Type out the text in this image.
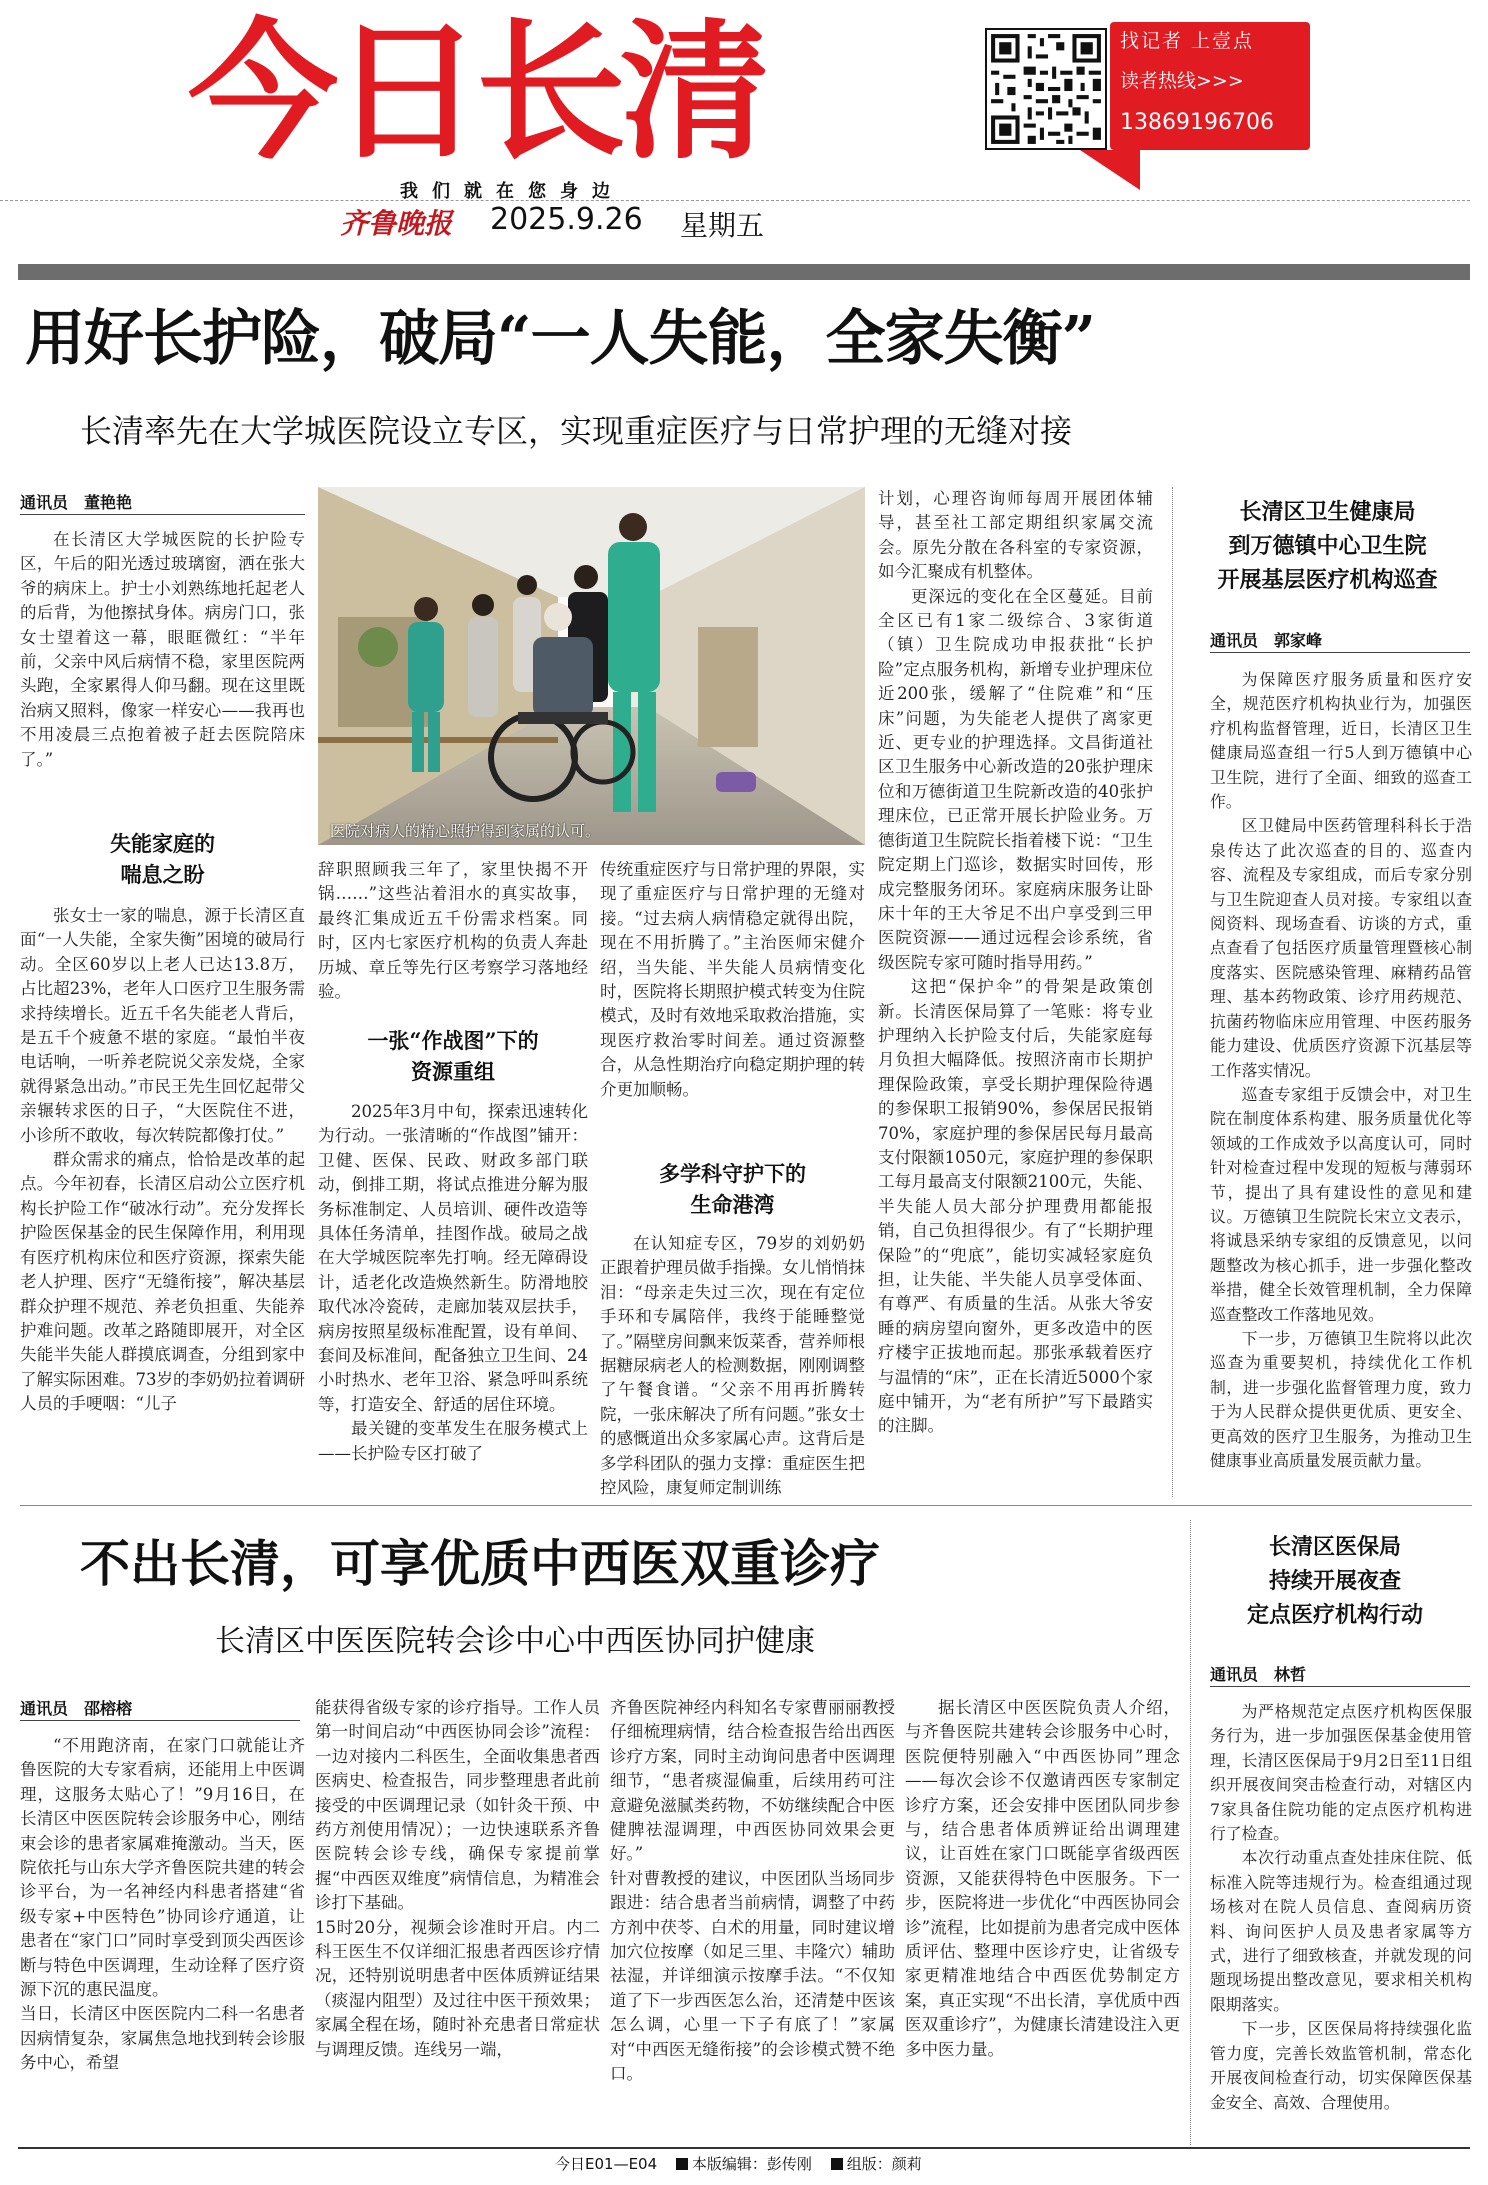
今日长清
我们就在您身边
齐鲁晚报 2025.9.26 星期五
找记者 上壹点
读者热线>>>
13869196706
用好长护险，破局“一人失能，全家失衡”
长清率先在大学城医院设立专区，实现重症医疗与日常护理的无缝对接
通讯员 董艳艳

在长清区大学城医院的长护险专区，午后的阳光透过玻璃窗，洒在张大爷的病床上。护士小刘熟练地托起老人的后背，为他擦拭身体。病房门口，张女士望着这一幕，眼眶微红：“半年前，父亲中风后病情不稳，家里医院两头跑，全家累得人仰马翻。现在这里既治病又照料，像家一样安心——我再也不用凌晨三点抱着被子赶去医院陪床了。”

失能家庭的
喘息之盼

张女士一家的喘息，源于长清区直面“一人失能，全家失衡”困境的破局行动。全区60岁以上老人已达13.8万，占比超23%，老年人口医疗卫生服务需求持续增长。近五千名失能老人背后，是五千个疲惫不堪的家庭。“最怕半夜电话响，一听养老院说父亲发烧，全家就得紧急出动。”市民王先生回忆起带父亲辗转求医的日子，“大医院住不进，小诊所不敢收，每次转院都像打仗。”

群众需求的痛点，恰恰是改革的起点。今年初春，长清区启动公立医疗机构长护险工作“破冰行动”。充分发挥长护险医保基金的民生保障作用，利用现有医疗机构床位和医疗资源，探索失能老人护理、医疗“无缝衔接”，解决基层群众护理不规范、养老负担重、失能养护难问题。改革之路随即展开，对全区失能半失能人群摸底调查，分组到家中了解实际困难。73岁的李奶奶拉着调研人员的手哽咽：“儿子

医院对病人的精心照护得到家属的认可。

辞职照顾我三年了，家里快揭不开锅……”这些沾着泪水的真实故事，最终汇集成近五千份需求档案。同时，区内七家医疗机构的负责人奔赴历城、章丘等先行区考察学习落地经验。

一张“作战图”下的
资源重组

2025年3月中旬，探索迅速转化为行动。一张清晰的“作战图”铺开：卫健、医保、民政、财政多部门联动，倒排工期，将试点推进分解为服务标准制定、人员培训、硬件改造等具体任务清单，挂图作战。破局之战在大学城医院率先打响。经无障碍设计，适老化改造焕然新生。防滑地胶取代冰冷瓷砖，走廊加装双层扶手，病房按照星级标准配置，设有单间、套间及标准间，配备独立卫生间、24小时热水、老年卫浴、紧急呼叫系统等，打造安全、舒适的居住环境。

最关键的变革发生在服务模式上——长护险专区打破了

传统重症医疗与日常护理的界限，实现了重症医疗与日常护理的无缝对接。“过去病人病情稳定就得出院，现在不用折腾了。”主治医师宋健介绍，当失能、半失能人员病情变化时，医院将长期照护模式转变为住院模式，及时有效地采取救治措施，实现医疗救治零时间差。通过资源整合，从急性期治疗向稳定期护理的转介更加顺畅。

多学科守护下的
生命港湾

在认知症专区，79岁的刘奶奶正跟着护理员做手指操。女儿悄悄抹泪：“母亲走失过三次，现在有定位手环和专属陪伴，我终于能睡整觉了。”隔壁房间飘来饭菜香，营养师根据糖尿病老人的检测数据，刚刚调整了午餐食谱。“父亲不用再折腾转院，一张床解决了所有问题。”张女士的感慨道出众多家属心声。这背后是多学科团队的强力支撑：重症医生把控风险，康复师定制训练

计划，心理咨询师每周开展团体辅导，甚至社工部定期组织家属交流会。原先分散在各科室的专家资源，如今汇聚成有机整体。

更深远的变化在全区蔓延。目前全区已有1家二级综合、3家街道（镇）卫生院成功申报获批“长护险”定点服务机构，新增专业护理床位近200张，缓解了“住院难”和“压床”问题，为失能老人提供了离家更近、更专业的护理选择。文昌街道社区卫生服务中心新改造的20张护理床位和万德街道卫生院新改造的40张护理床位，已正常开展长护险业务。万德街道卫生院院长指着楼下说：“卫生院定期上门巡诊，数据实时回传，形成完整服务闭环。家庭病床服务让卧床十年的王大爷足不出户享受到三甲医院资源——通过远程会诊系统，省级医院专家可随时指导用药。”

这把“保护伞”的骨架是政策创新。长清医保局算了一笔账：将专业护理纳入长护险支付后，失能家庭每月负担大幅降低。按照济南市长期护理保险政策，享受长期护理保险待遇的参保职工报销90%，参保居民报销70%，家庭护理的参保居民每月最高支付限额1050元，家庭护理的参保职工每月最高支付限额2100元，失能、半失能人员大部分护理费用都能报销，自己负担得很少。有了“长期护理保险”的“兜底”，能切实减轻家庭负担，让失能、半失能人员享受体面、有尊严、有质量的生活。从张大爷安睡的病房望向窗外，更多改造中的医疗楼宇正拔地而起。那张承载着医疗与温情的“床”，正在长清近5000个家庭中铺开，为“老有所护”写下最踏实的注脚。

长清区卫生健康局
到万德镇中心卫生院
开展基层医疗机构巡查
通讯员 郭家峰

为保障医疗服务质量和医疗安全，规范医疗机构执业行为，加强医疗机构监督管理，近日，长清区卫生健康局巡查组一行5人到万德镇中心卫生院，进行了全面、细致的巡查工作。

区卫健局中医药管理科科长于浩泉传达了此次巡查的目的、巡查内容、流程及专家组成，而后专家分别与卫生院迎查人员对接。专家组以查阅资料、现场查看、访谈的方式，重点查看了包括医疗质量管理暨核心制度落实、医院感染管理、麻精药品管理、基本药物政策、诊疗用药规范、抗菌药物临床应用管理、中医药服务能力建设、优质医疗资源下沉基层等工作落实情况。

巡查专家组于反馈会中，对卫生院在制度体系构建、服务质量优化等领域的工作成效予以高度认可，同时针对检查过程中发现的短板与薄弱环节，提出了具有建设性的意见和建议。万德镇卫生院院长宋立文表示，将诚恳采纳专家组的反馈意见，以问题整改为核心抓手，进一步强化整改举措，健全长效管理机制，全力保障巡查整改工作落地见效。

下一步，万德镇卫生院将以此次巡查为重要契机，持续优化工作机制，进一步强化监督管理力度，致力于为人民群众提供更优质、更安全、更高效的医疗卫生服务，为推动卫生健康事业高质量发展贡献力量。

不出长清，可享优质中西医双重诊疗
长清区中医医院转会诊中心中西医协同护健康
通讯员 邵榕榕
“不用跑济南，在家门口就能让齐鲁医院的大专家看病，还能用上中医调理，这服务太贴心了！”9月16日，在长清区中医医院转会诊服务中心，刚结束会诊的患者家属难掩激动。当天，医院依托与山东大学齐鲁医院共建的转会诊平台，为一名神经内科患者搭建“省级专家+中医特色”协同诊疗通道，让患者在“家门口”同时享受到顶尖西医诊断与特色中医调理，生动诠释了医疗资源下沉的惠民温度。
当日，长清区中医医院内二科一名患者因病情复杂，家属焦急地找到转会诊服务中心，希望
能获得省级专家的诊疗指导。工作人员第一时间启动“中西医协同会诊”流程：一边对接内二科医生，全面收集患者西医病史、检查报告，同步整理患者此前接受的中医调理记录（如针灸干预、中药方剂使用情况）；一边快速联系齐鲁医院转会诊专线，确保专家提前掌握“中西医双维度”病情信息，为精准会诊打下基础。
15时20分，视频会诊准时开启。内二科王医生不仅详细汇报患者西医诊疗情况，还特别说明患者中医体质辨证结果（痰湿内阻型）及过往中医干预效果；家属全程在场，随时补充患者日常症状与调理反馈。连线另一端，
齐鲁医院神经内科知名专家曹丽丽教授仔细梳理病情，结合检查报告给出西医诊疗方案，同时主动询问患者中医调理细节，“患者痰湿偏重，后续用药可注意避免滋腻类药物，不妨继续配合中医健脾祛湿调理，中西医协同效果会更好。”
针对曹教授的建议，中医团队当场同步跟进：结合患者当前病情，调整了中药方剂中茯苓、白术的用量，同时建议增加穴位按摩（如足三里、丰隆穴）辅助祛湿，并详细演示按摩手法。“不仅知道了下一步西医怎么治，还清楚中医该怎么调，心里一下子有底了！”家属对“中西医无缝衔接”的会诊模式赞不绝口。
据长清区中医医院负责人介绍，与齐鲁医院共建转会诊服务中心时，医院便特别融入“中西医协同”理念——每次会诊不仅邀请西医专家制定诊疗方案，还会安排中医团队同步参与，结合患者体质辨证给出调理建议，让百姓在家门口既能享省级西医资源，又能获得特色中医服务。下一步，医院将进一步优化“中西医协同会诊”流程，比如提前为患者完成中医体质评估、整理中医诊疗史，让省级专家更精准地结合中西医优势制定方案，真正实现“不出长清，享优质中西医双重诊疗”，为健康长清建设注入更多中医力量。
长清区医保局
持续开展夜查
定点医疗机构行动
通讯员 林哲

为严格规范定点医疗机构医保服务行为，进一步加强医保基金使用管理，长清区医保局于9月2日至11日组织开展夜间突击检查行动，对辖区内7家具备住院功能的定点医疗机构进行了检查。

本次行动重点查处挂床住院、低标准入院等违规行为。检查组通过现场核对在院人员信息、查阅病历资料、询问医护人员及患者家属等方式，进行了细致核查，并就发现的问题现场提出整改意见，要求相关机构限期落实。

下一步，区医保局将持续强化监管力度，完善长效监管机制，常态化开展夜间检查行动，切实保障医保基金安全、高效、合理使用。

今日E01—E04 本版编辑：彭传刚 组版：颜莉
